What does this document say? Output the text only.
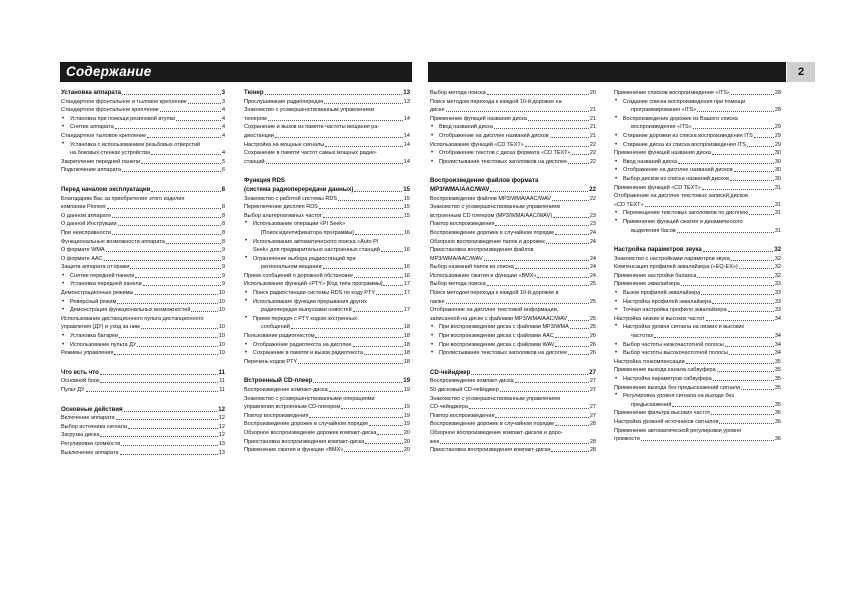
Содержание	2
Установка аппарата	3
Стандартное фронтальное и тыловое крепление	3
Стандартное фронтальное крепление	4
• Установка при помощи резиновой втулки	4
• Снятие аппарата	4
Стандартное тыловое крепление	4
• Установка с использованием резьбовых отверстий
на боковых стенках устройства	4
Закрепление передней панели	5
Подключение аппарата	6
Перед началом эксплуатации	8
Благодарим Вас за приобретение этого изделия
компании Pioneer	8
О данном аппарате	8
О данной Инструкции	8
При неисправности	8
Функциональные возможности аппарата	8
О формате WMA	9
О формате AAC	9
Защита аппарата от кражи	9
• Снятие передней панели	9
• Установка передней панели	9
Демонстрационные режимы	10
• Реверсный режим	10
• Демонстрация функциональных возможностей	10
Использование дистанционного пульта дистанционного
управления (ДУ) и уход за ним	10
• Установка батареи	10
• Использование пульта ДУ	10
Режимы управления	10
Что есть что	11
Основной блок	11
Пульт ДУ	11
Основные действия	12
Включение аппарата	12
Выбор источника сигнала	12
Загрузка диска	12
Регулировка громкости	13
Выключение аппарата	13
Тюнер	13
Прослушивание радиопередач	13
Знакомство с усовершенствованным управлением
тюнером	14
Сохранение и вызов из памяти частоты вещания ра-
диостанции	14
Настройка на мощные сигналы	14
Сохранение в памяти частот самых мощных радио-
станций	14
Функция RDS
(система радиоперередачи данных)	15
Знакомство с работой системы RDS	15
Переключение дисплея RDS	15
Выбор альтернативных частот	15
• Использование операции «PI Seek»
[Поиск идентификатора программы]	16
• Использование автоматического поиска «Auto PI
Seek» для предварительно настроенных станций	16
• Ограничение выбора радиостанций при
региональном вещании	16
Прием сообщений о дорожной обстановке	16
Использование функций «PTY» [Код типа программы]	17
• Поиск радиостанции системы RDS по коду PTY	17
• Использование функции прерывания других
радиопередач выпусками новостей	17
• Прием передач с PTY кодом экстренных
сообщений	18
Пользование радиотекстом	18
• Отображение радиотекста на дисплее	18
• Сохранение в памяти и вызов радиотекста	18
Перечень кодов PTY	18
Встроенный CD-плеер	19
Воспроизведение компакт-диска	19
Знакомство с усовершенствованными операциями
управления встроенным CD-плеером	19
Повтор воспроизведения	19
Воспроизведение дорожек в случайном порядке	19
Обзорное воспроизведение дорожек компакт-диска	20
Приостановка воспроизведения компакт-диска	20
Применение сжатия и функции «BMX»	20
Выбор метода поиска	20
Поиск методом перехода к каждой 10-й дорожке на
диске	21
Применение функций названия диска	21
• Ввод названий диска	21
• Отображение на дисплее названий дисков	21
Использование функций «CD TEXT»	22
• Отображение текстов с диска формата «CD TEXT»	22
• Пролистывание текстовых заголовков на дисплее	22
Воспроизведение файлов формата
MP3/WMA/AAC/WAV	22
Воспроизведение файлов MP3/WMA/AAC/WAV	22
Знакомство с усовершенствованным управлением
встроенным CD плеером (MP3/WMA/AAC/WAV)	23
Повтор воспроизведения	23
Воспроизведение дорожек в случайном порядке	24
Обзорное воспроизведение папок и дорожек	24
Приостановка воспроизведения файлов
MP3/WMA/AAC/WAV	24
Выбор названий папок из списка	24
Использование сжатия и функции «BMX»	24
Выбор метода поиска	25
Поиск методом перехода к каждой 10-й дорожке в
папке	25
Отображение на дисплее текстовой информации,
записанной на диске с файлами MP3/WMA/AAC/WAV	25
• При воспроизведении диска с файлами MP3/WMA	25
• При воспроизведении диска с файлами AAC	26
• При воспроизведении диска с файлами WAV	26
• Пролистывание текстовых заголовков на дисплее	26
CD-чейнджер	27
Воспроизведение компакт-диска	27
50-дисковый CD-чейнджер	27
Знакомство с усовершенствованным управлением
CD-чейнджера	27
Повтор воспроизведения	27
Воспроизведение дорожек в случайном порядке	28
Обзорное воспроизведение компакт-дисков и доро-
жек	28
Приостановка воспроизведения компакт-диска	28
Применение списков воспроизведения «ITS»	28
• Создание списка воспроизведения при помощи
программирования «ITS»	28
• Воспроизведение дорожек из Вашего списка
воспроизведения «ITS»	29
• Стирание дорожки из списка воспроизведения ITS	29
• Стирание диска из списка воспроизведения ITS	29
Применение функций названия диска	30
• Ввод названий диска	30
• Отображение на дисплее названий дисков	30
• Выбор дисков из списка названий дисков	30
Применение функций «CD TEXT»	31
Отображение на дисплее текстовых записей дисков
«CD TEXT»	31
• Перемещение текстовых заголовков по дисплею	31
• Применение функций сжатия и динамического
выделения басов	31
Настройка параметров звука	32
Знакомство с настройками параметров звука	32
Компенсация профилей эквалайзера («EQ-EX»)	32
Применение настройки баланса	32
Применение эквалайзера	33
• Вызов профилей эквалайзера	33
• Настройка профилей эквалайзера	33
• Точная настройка профиля эквалайзера	33
Настройка низких и высоких частот	34
• Настройка уровня сигнала на низких и высоких
частотах	34
• Выбор частоты низкочастотной полосы	34
• Выбор частоты высокочастотной полосы	34
Настройка тонкомпенсации	35
Применение выхода канала сабвуфера	35
• Настройка параметров сабвуфера	35
Применение выхода без предыскажений сигнала	35
• Регулировка уровня сигнала на выходе без
предыскажений	35
Применение фильтра высоких частот	36
Настройка уровней источников сигналов	36
Применение автоматической регулировки уровня
громкости	36
